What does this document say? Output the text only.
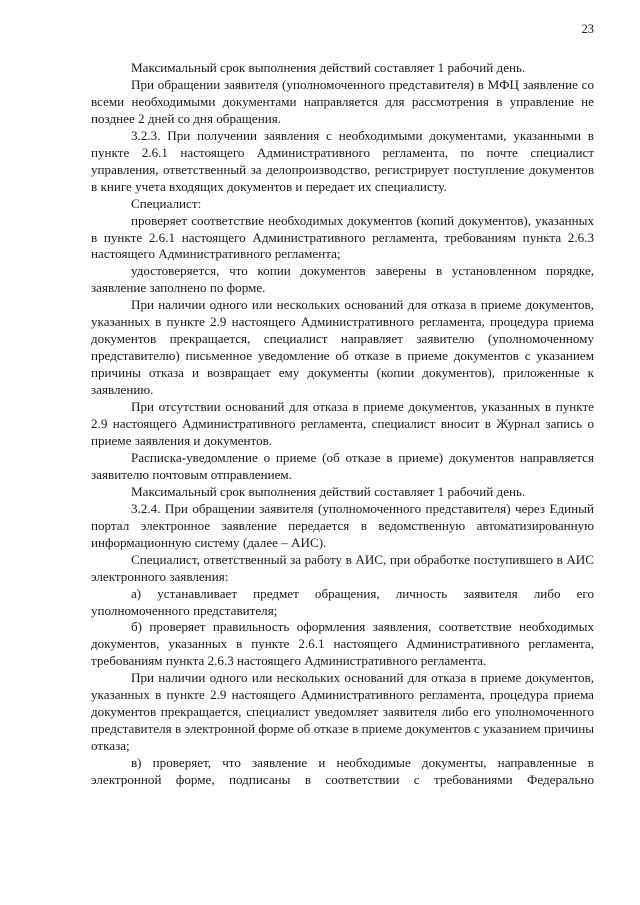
23

Максимальный срок выполнения действий составляет 1 рабочий день.

При обращении заявителя (уполномоченного представителя) в МФЦ заявление со всеми необходимыми документами направляется для рассмотрения в управление не позднее 2 дней со дня обращения.

3.2.3. При получении заявления с необходимыми документами, указанными в пункте 2.6.1 настоящего Административного регламента, по почте специалист управления, ответственный за делопроизводство, регистрирует поступление документов в книге учета входящих документов и передает их специалисту.

Специалист:

проверяет соответствие необходимых документов (копий документов), указанных в пункте 2.6.1 настоящего Административного регламента, требованиям пункта 2.6.3 настоящего Административного регламента;

удостоверяется, что копии документов заверены в установленном порядке, заявление заполнено по форме.

При наличии одного или нескольких оснований для отказа в приеме документов, указанных в пункте 2.9 настоящего Административного регламента, процедура приема документов прекращается, специалист направляет заявителю (уполномоченному представителю) письменное уведомление об отказе в приеме документов с указанием причины отказа и возвращает ему документы (копии документов), приложенные к заявлению.

При отсутствии оснований для отказа в приеме документов, указанных в пункте 2.9 настоящего Административного регламента, специалист вносит в Журнал запись о приеме заявления и документов.

Расписка-уведомление о приеме (об отказе в приеме) документов направляется заявителю почтовым отправлением.

Максимальный срок выполнения действий составляет 1 рабочий день.

3.2.4. При обращении заявителя (уполномоченного представителя) через Единый портал электронное заявление передается в ведомственную автоматизированную информационную систему (далее – АИС).

Специалист, ответственный за работу в АИС, при обработке поступившего в АИС электронного заявления:

а) устанавливает предмет обращения, личность заявителя либо его уполномоченного представителя;

б) проверяет правильность оформления заявления, соответствие необходимых документов, указанных в пункте 2.6.1 настоящего Административного регламента, требованиям пункта 2.6.3 настоящего Административного регламента.

При наличии одного или нескольких оснований для отказа в приеме документов, указанных в пункте 2.9 настоящего Административного регламента, процедура приема документов прекращается, специалист уведомляет заявителя либо его уполномоченного представителя в электронной форме об отказе в приеме документов с указанием причины отказа;

в) проверяет, что заявление и необходимые документы, направленные в электронной форме, подписаны в соответствии с требованиями Федерально
